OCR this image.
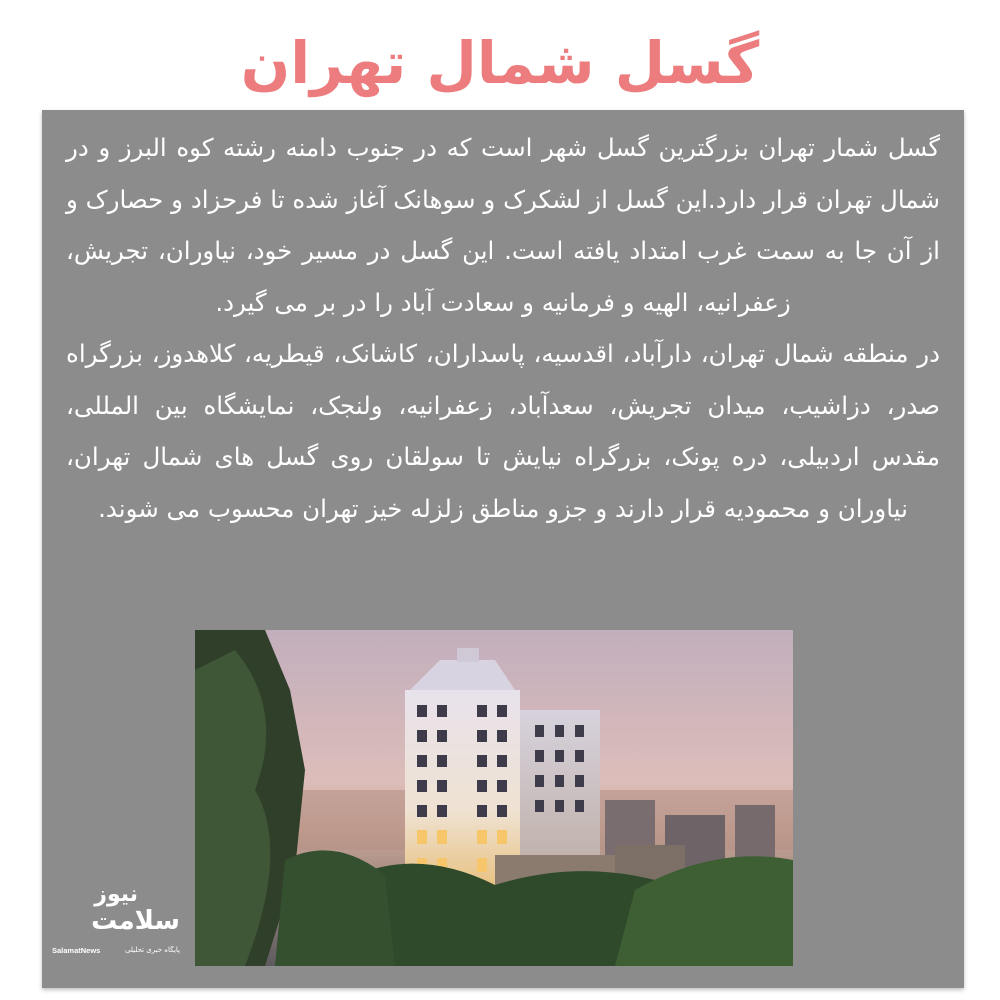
گسل شمال تهران

گسل شمار تهران بزرگترین گسل شهر است که در جنوب دامنه رشته کوه البرز و در شمال تهران قرار دارد.این گسل از لشکرک و سوهانک آغاز شده تا فرحزاد و حصارک و از آن جا به سمت غرب امتداد یافته است. این گسل در مسیر خود، نیاوران، تجریش، زعفرانیه، الهیه و فرمانیه و سعادت آباد را در بر می گیرد.

در منطقه شمال تهران، دارآباد، اقدسیه، پاسداران، کاشانک، قیطریه، کلاهدوز، بزرگراه صدر، دزاشیب، میدان تجریش، سعدآباد، زعفرانیه، ولنجک، نمایشگاه بین المللی، مقدس اردبیلی، دره پونک، بزرگراه نیایش تا سولقان روی گسل های شمال تهران، نیاوران و محمودیه قرار دارند و جزو مناطق زلزله خیز تهران محسوب می شوند.

نیوز
سلامت
پایگاه خبری تحلیلی
SalamatNews
